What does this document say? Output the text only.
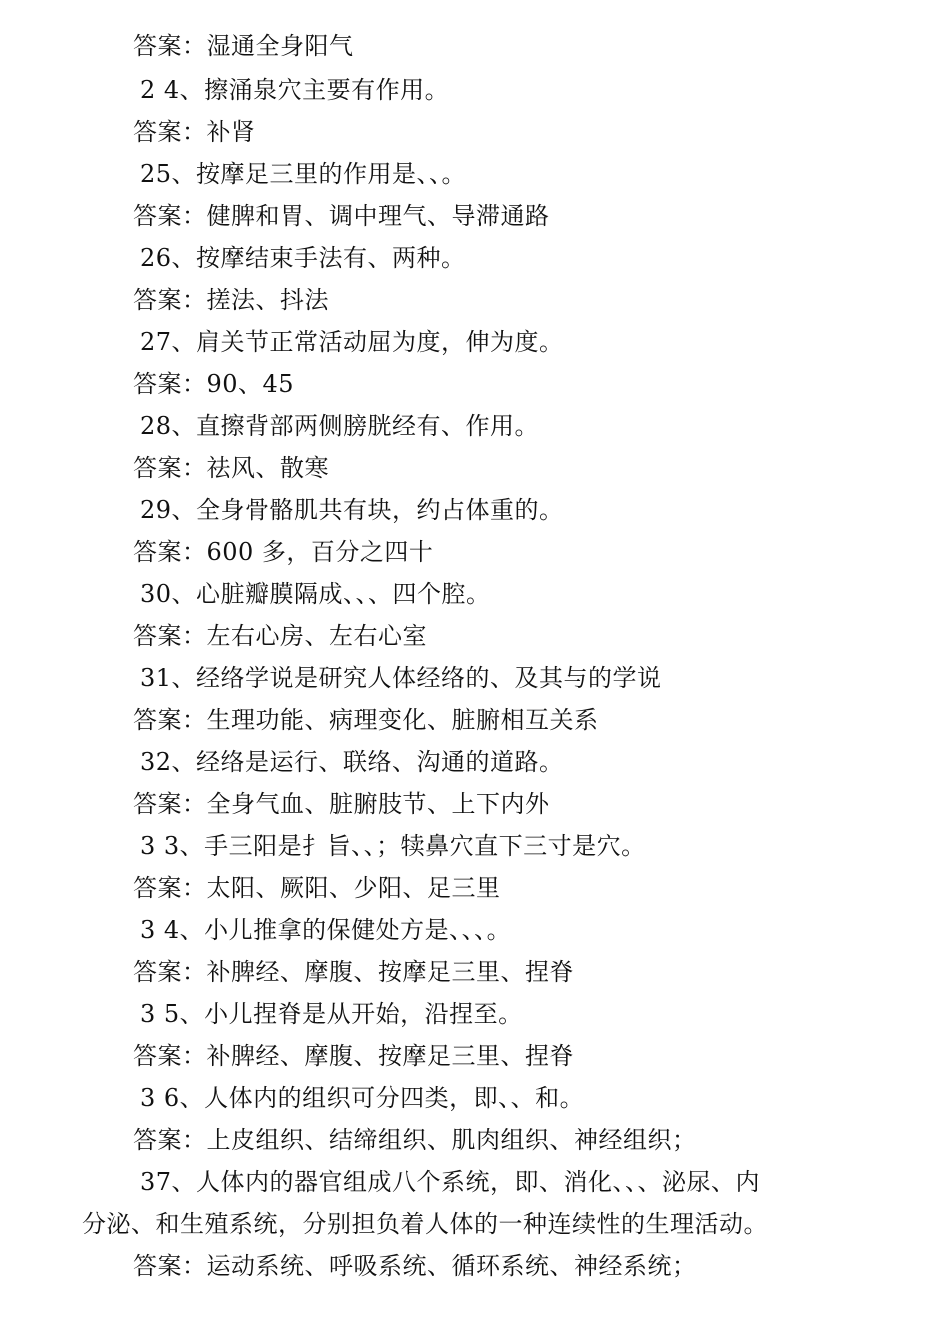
答案：湿通全身阳气
2 4、擦涌泉穴主要有作用。
答案：补肾
25、按摩足三里的作用是、、。
答案：健脾和胃、调中理气、导滞通路
26、按摩结束手法有、两种。
答案：搓法、抖法
27、肩关节正常活动屈为度，伸为度。
答案：90、45
28、直擦背部两侧膀胱经有、作用。
答案：祛风、散寒
29、全身骨骼肌共有块，约占体重的。
答案：600 多，百分之四十
30、心脏瓣膜隔成、、、四个腔。
答案：左右心房、左右心室
31、经络学说是研究人体经络的、及其与的学说
答案：生理功能、病理变化、脏腑相互关系
32、经络是运行、联络、沟通的道路。
答案：全身气血、脏腑肢节、上下内外
3 3、手三阳是扌旨、、；犊鼻穴直下三寸是穴。
答案：太阳、厥阳、少阳、足三里
3 4、小儿推拿的保健处方是、、、。
答案：补脾经、摩腹、按摩足三里、捏脊
3 5、小儿捏脊是从开始，沿捏至。
答案：补脾经、摩腹、按摩足三里、捏脊
3 6、人体内的组织可分四类，即、、和。
答案：上皮组织、结缔组织、肌肉组织、神经组织；
37、人体内的器官组成八个系统，即、消化、、、泌尿、内
分泌、和生殖系统，分别担负着人体的一种连续性的生理活动。
答案：运动系统、呼吸系统、循环系统、神经系统；
